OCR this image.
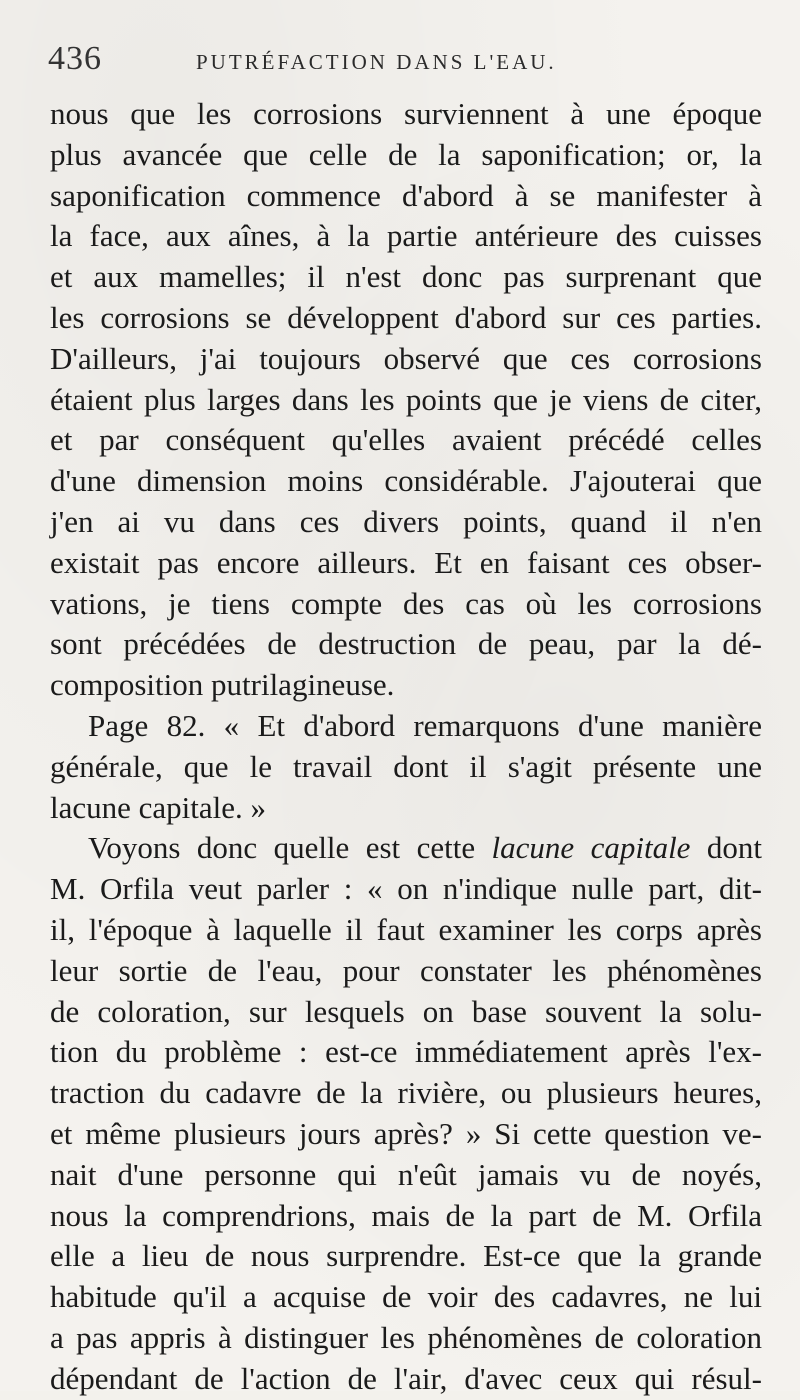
436	PUTRÉFACTION DANS L'EAU.
nous que les corrosions surviennent à une époque
plus avancée que celle de la saponification; or, la
saponification commence d'abord à se manifester à
la face, aux aînes, à la partie antérieure des cuisses
et aux mamelles; il n'est donc pas surprenant que
les corrosions se développent d'abord sur ces parties.
D'ailleurs, j'ai toujours observé que ces corrosions
étaient plus larges dans les points que je viens de citer,
et par conséquent qu'elles avaient précédé celles
d'une dimension moins considérable. J'ajouterai que
j'en ai vu dans ces divers points, quand il n'en
existait pas encore ailleurs. Et en faisant ces obser-
vations, je tiens compte des cas où les corrosions
sont précédées de destruction de peau, par la dé-
composition putrilagineuse.
Page 82. « Et d'abord remarquons d'une manière
générale, que le travail dont il s'agit présente une
lacune capitale. »
Voyons donc quelle est cette lacune capitale dont
M. Orfila veut parler : « on n'indique nulle part, dit-
il, l'époque à laquelle il faut examiner les corps après
leur sortie de l'eau, pour constater les phénomènes
de coloration, sur lesquels on base souvent la solu-
tion du problème : est-ce immédiatement après l'ex-
traction du cadavre de la rivière, ou plusieurs heures,
et même plusieurs jours après? » Si cette question ve-
nait d'une personne qui n'eût jamais vu de noyés,
nous la comprendrions, mais de la part de M. Orfila
elle a lieu de nous surprendre. Est-ce que la grande
habitude qu'il a acquise de voir des cadavres, ne lui
a pas appris à distinguer les phénomènes de coloration
dépendant de l'action de l'air, d'avec ceux qui résul-
